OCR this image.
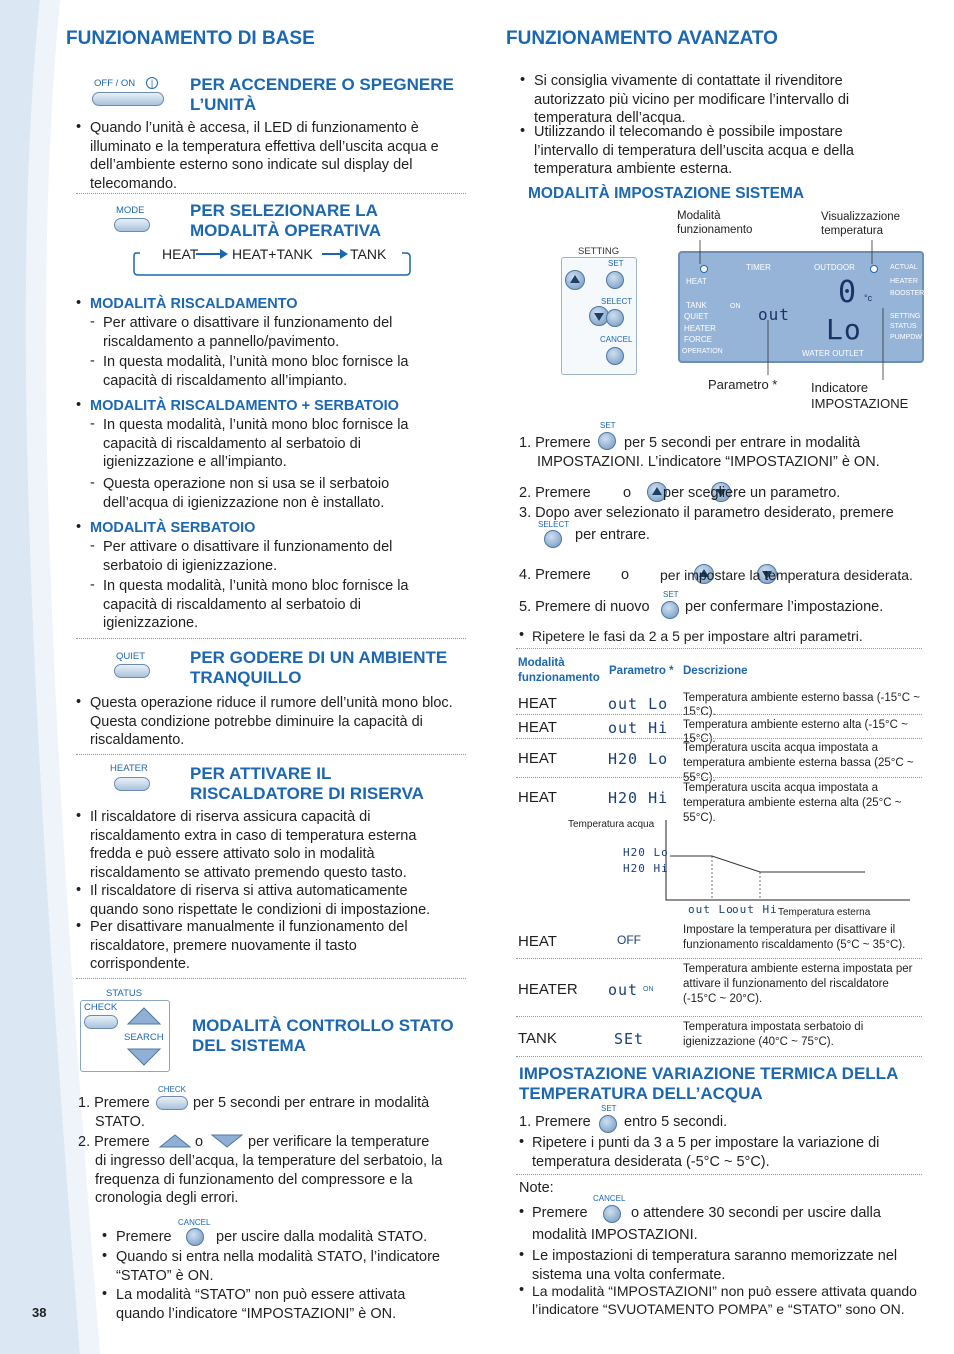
FUNZIONAMENTO DI BASE
OFF / ON	| PER ACCENDERE O SPEGNERE L’UNITÀ
• Quando l’unità è accesa, il LED di funzionamento è illuminato e la temperatura effettiva dell’uscita acqua e dell’ambiente esterno sono indicate sul display del telecomando.
MODE	PER SELEZIONARE LA MODALITÀ OPERATIVA
HEAT HEAT+TANK	TANK
• MODALITÀ RISCALDAMENTO
- Per attivare o disattivare il funzionamento del riscaldamento a pannello/pavimento.
- In questa modalità, l’unità mono bloc fornisce la capacità di riscaldamento all’impianto.
• MODALITÀ RISCALDAMENTO + SERBATOIO
- In questa modalità, l’unità mono bloc fornisce la capacità di riscaldamento al serbatoio di igienizzazione e all’impianto.
- Questa operazione non si usa se il serbatoio dell’acqua di igienizzazione non è installato.
• MODALITÀ SERBATOIO
- Per attivare o disattivare il funzionamento del serbatoio di igienizzazione.
- In questa modalità, l’unità mono bloc fornisce la capacità di riscaldamento al serbatoio di igienizzazione.
QUIET	PER GODERE DI UN AMBIENTE TRANQUILLO
• Questa operazione riduce il rumore dell’unità mono bloc. Questa condizione potrebbe diminuire la capacità di riscaldamento.
HEATER PER ATTIVARE IL RISCALDATORE DI RISERVA
• Il riscaldatore di riserva assicura capacità di riscaldamento extra in caso di temperatura esterna fredda e può essere attivato solo in modalità riscaldamento se attivato premendo questo tasto.
• Il riscaldatore di riserva si attiva automaticamente quando sono rispettate le condizioni di impostazione.
• Per disattivare manualmente il funzionamento del riscaldatore, premere nuovamente il tasto corrispondente.
STATUS
CHECK
SEARCH
MODALITÀ CONTROLLO STATO DEL SISTEMA
1. Premere
CHECK
per 5 secondi per entrare in modalità
STATO.
2. Premere	o	per verificare la temperature
di ingresso dell’acqua, la temperature del serbatoio, la frequenza di funzionamento del compressore e la cronologia degli errori.
• Premere
CANCEL
per uscire dalla modalità STATO.
• Quando si entra nella modalità STATO, l’indicatore “STATO” è ON.
• La modalità “STATO” non può essere attivata quando l’indicatore “IMPOSTAZIONI” è ON.
38
FUNZIONAMENTO AVANZATO
• Si consiglia vivamente di contattate il rivenditore autorizzato più vicino per modificare l’intervallo di temperatura dell’acqua.
• Utilizzando il telecomando è possibile impostare l’intervallo di temperatura dell’uscita acqua e della temperatura ambiente esterna.
MODALITÀ IMPOSTAZIONE SISTEMA
Modalità funzionamento
Visualizzazione temperatura
SETTING

SET
SELECT
CANCEL
TIMER	OUTDOOR	ACTUAL
HEAT	HEATER
BOOSTER
TANK	ON
QUIET	SETTING
STATUS
HEATER
PUMPDW
FORCE
OPERATION	WATER OUTLET
out
0 °c
Lo
Parametro *	Indicatore IMPOSTAZIONE
1. Premere
SET
per 5 secondi per entrare in modalità
IMPOSTAZIONI. L’indicatore “IMPOSTAZIONI” è ON.
2. Premere
o
per scegliere un parametro.
3. Dopo aver selezionato il parametro desiderato, premere
SELECT
per entrare.
4. Premere
o per impostare la temperatura desiderata.
5. Premere di nuovo
SET
per confermare l’impostazione.
• Ripetere le fasi da 2 a 5 per impostare altri parametri.
Modalità funzionamento
Parametro * Descrizione
HEAT	out Lo Temperatura ambiente esterno bassa (-15°C ~ 15°C).
HEAT	out Hi Temperatura ambiente esterno alta (-15°C ~ 15°C).
HEAT	H20 Lo
Temperatura uscita acqua impostata a temperatura ambiente esterna bassa (25°C ~ 55°C).
HEAT	H20 Hi
Temperatura uscita acqua impostata a temperatura ambiente esterna alta (25°C ~ 55°C).
Temperatura acqua
H20 Lo
H20 Hi
out Lo
out Hi Temperatura esterna
HEAT	OFF
Impostare la temperatura per disattivare il funzionamento riscaldamento (5°C ~ 35°C).
HEATER out ON
Temperatura ambiente esterna impostata per attivare il funzionamento del riscaldatore (-15°C ~ 20°C).
TANK	SEt
Temperatura impostata serbatoio di igienizzazione (40°C ~ 75°C).
IMPOSTAZIONE VARIAZIONE TERMICA DELLA TEMPERATURA DELL’ACQUA
1. Premere
SET
entro 5 secondi.
• Ripetere i punti da 3 a 5 per impostare la variazione di temperatura desiderata (-5°C ~ 5°C).
Note:
• Premere
CANCEL
o attendere 30 secondi per uscire dalla
modalità IMPOSTAZIONI.
• Le impostazioni di temperatura saranno memorizzate nel sistema una volta confermate.
• La modalità “IMPOSTAZIONI” non può essere attivata quando l’indicatore “SVUOTAMENTO POMPA” e “STATO” sono ON.
